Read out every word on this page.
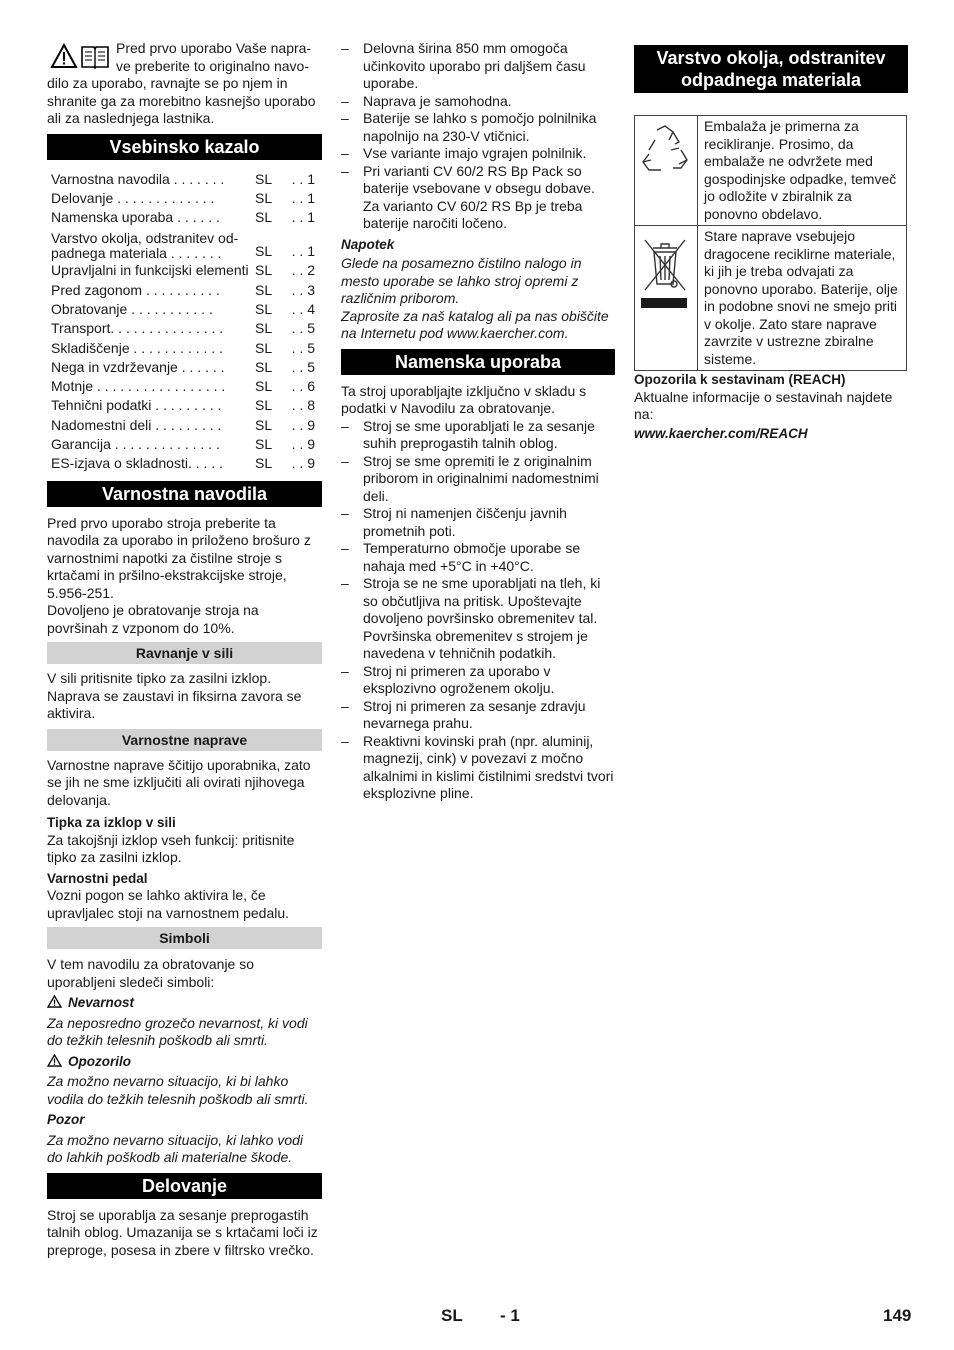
Pred prvo uporabo Vaše napra-

ve preberite to originalno navo-

dilo za uporabo, ravnajte se po njem in shranite ga za morebitno kasnejšo uporabo ali za naslednjega lastnika.

Vsebinsko kazalo
Varnostna navodila . . . . . . .	SL	. . 1
Delovanje . . . . . . . . . . . . .	SL	. . 1
Namenska uporaba . . . . . .	SL	. . 1

Varstvo okolja, odstranitev od-
padnega materiala . . . . . . .	SL	. . 1
Upravljalni in funkcijski elementi	SL	. . 2
Pred zagonom . . . . . . . . . .	SL	. . 3
Obratovanje . . . . . . . . . . .	SL	. . 4
Transport. . . . . . . . . . . . . . .	SL	. . 5
Skladiščenje . . . . . . . . . . . .	SL	. . 5
Nega in vzdrževanje . . . . . .	SL	. . 5
Motnje . . . . . . . . . . . . . . . . .	SL	. . 6
Tehnični podatki . . . . . . . . .	SL	. . 8
Nadomestni deli . . . . . . . . .	SL	. . 9
Garancija . . . . . . . . . . . . . .	SL	. . 9
ES-izjava o skladnosti. . . . .	SL	. . 9
Varnostna navodila

Pred prvo uporabo stroja preberite ta navodila za uporabo in priloženo brošuro z varnostnimi napotki za čistilne stroje s krtačami in pršilno-ekstrakcijske stroje, 5.956-251.

Dovoljeno je obratovanje stroja na površinah z vzponom do 10%.

Ravnanje v sili

V sili pritisnite tipko za zasilni izklop. Naprava se zaustavi in fiksirna zavora se aktivira.

Varnostne naprave

Varnostne naprave ščitijo uporabnika, zato se jih ne sme izključiti ali ovirati njihovega delovanja.

Tipka za izklop v sili

Za takojšnji izklop vseh funkcij: pritisnite tipko za zasilni izklop.

Varnostni pedal

Vozni pogon se lahko aktivira le, če upravljalec stoji na varnostnem pedalu.

Simboli

V tem navodilu za obratovanje so uporabljeni sledeči simboli:

Nevarnost

Za neposredno grozečo nevarnost, ki vodi do težkih telesnih poškodb ali smrti.

Opozorilo

Za možno nevarno situacijo, ki bi lahko vodila do težkih telesnih poškodb ali smrti.

Pozor

Za možno nevarno situacijo, ki lahko vodi do lahkih poškodb ali materialne škode.

Delovanje

Stroj se uporablja za sesanje preprogastih talnih oblog. Umazanija se s krtačami loči iz preproge, posesa in zbere v filtrsko vrečko.

– Delovna širina 850 mm omogoča učinkovito uporabo pri daljšem času uporabe.
– Naprava je samohodna.
– Baterije se lahko s pomočjo polnilnika napolnijo na 230-V vtičnici.
– Vse variante imajo vgrajen polnilnik.
– Pri varianti CV 60/2 RS Bp Pack so baterije vsebovane v obsegu dobave.

Za varianto CV 60/2 RS Bp je treba baterije naročiti ločeno.

Napotek

Glede na posamezno čistilno nalogo in mesto uporabe se lahko stroj opremi z različnim priborom.

Zaprosite za naš katalog ali pa nas obiščite na Internetu pod www.kaercher.com.

Namenska uporaba

Ta stroj uporabljajte izključno v skladu s podatki v Navodilu za obratovanje.

– Stroj se sme uporabljati le za sesanje suhih preprogastih talnih oblog.
– Stroj se sme opremiti le z originalnim priborom in originalnimi nadomestnimi deli.
– Stroj ni namenjen čiščenju javnih prometnih poti.
– Temperaturno območje uporabe se nahaja med +5°C in +40°C.
– Stroja se ne sme uporabljati na tleh, ki so občutljiva na pritisk. Upoštevajte dovoljeno površinsko obremenitev tal. Površinska obremenitev s strojem je navedena v tehničnih podatkih.
– Stroj ni primeren za uporabo v eksplozivno ogroženem okolju.
– Stroj ni primeren za sesanje zdravju nevarnega prahu.
– Reaktivni kovinski prah (npr. aluminij, magnezij, cink) v povezavi z močno alkalnimi in kislimi čistilnimi sredstvi tvori eksplozivne pline.
Varstvo okolja, odstranitev odpadnega materiala
	Embalaža je primerna za recikliranje. Prosimo, da embalaže ne odvržete med gospodinjske odpadke, temveč jo odložite v zbiralnik za ponovno obdelavo.
	Stare naprave vsebujejo dragocene reciklirne materiale, ki jih je treba odvajati za ponovno uporabo. Baterije, olje in podobne snovi ne smejo priti v okolje. Zato stare naprave zavrzite v ustrezne zbiralne sisteme.

Opozorila k sestavinam (REACH)

Aktualne informacije o sestavinah najdete na:

www.kaercher.com/REACH

SL - 1	149
